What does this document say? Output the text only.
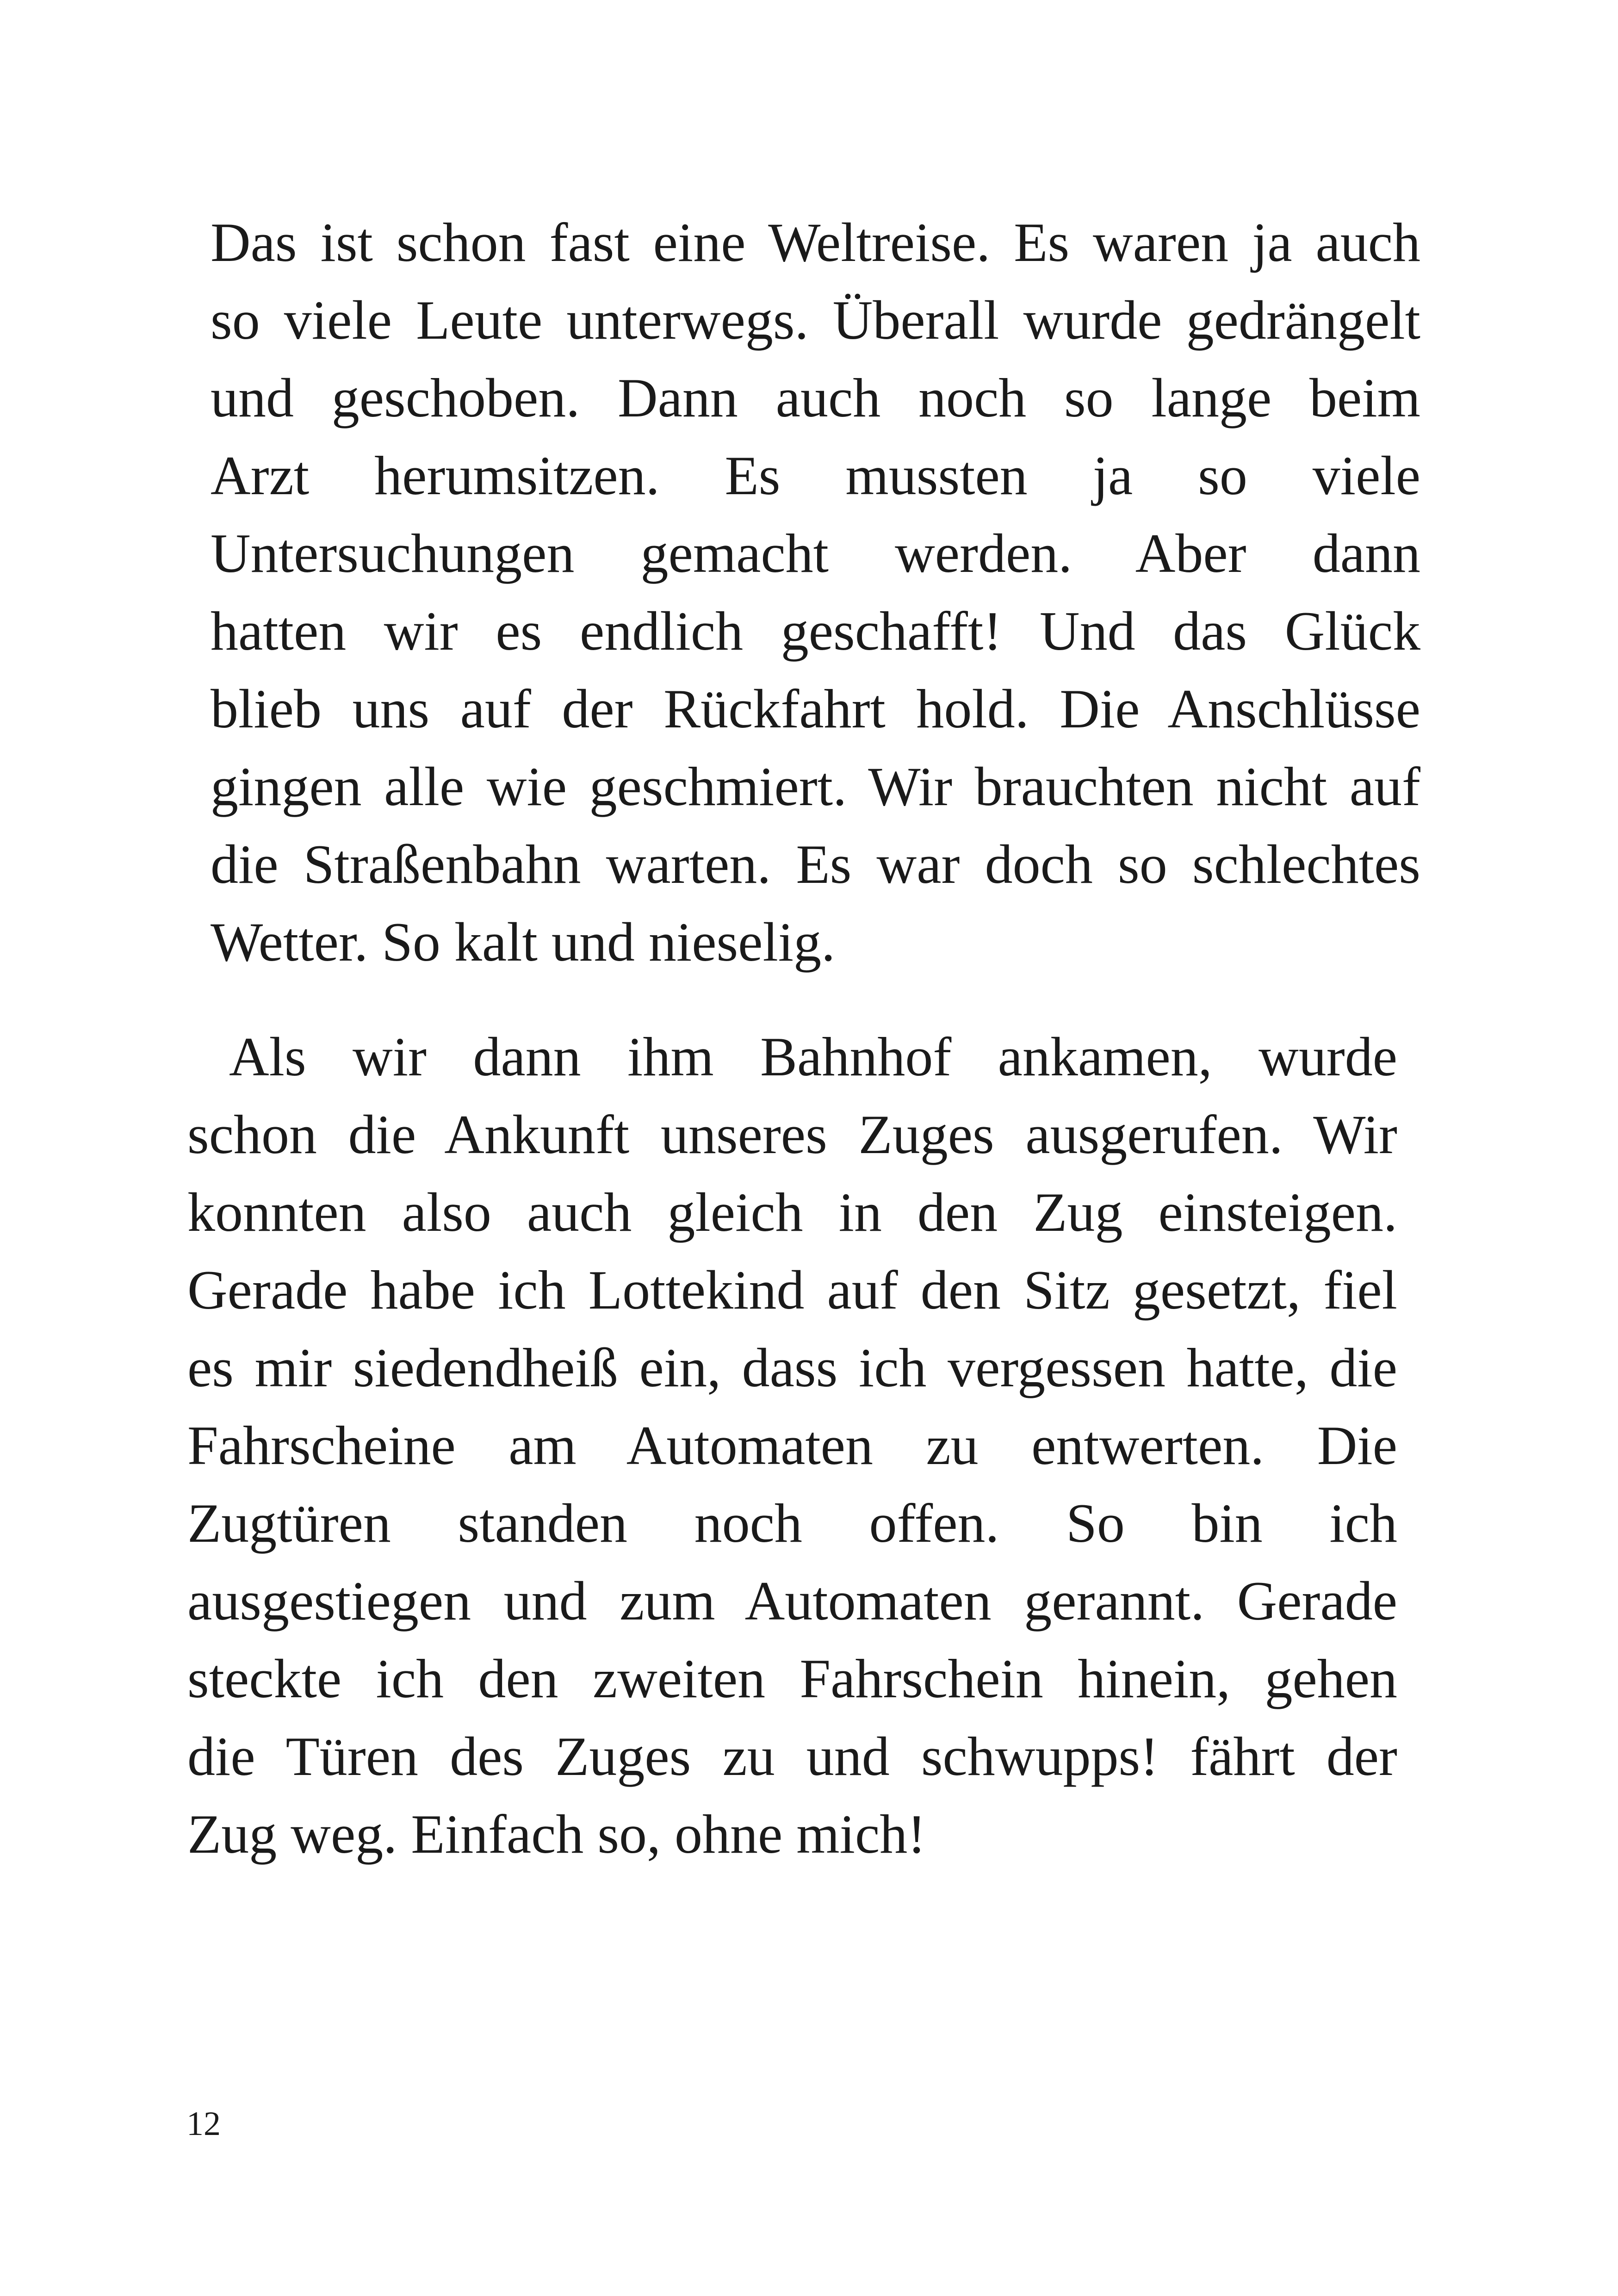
Das ist schon fast eine Weltreise. Es waren ja auch
so viele Leute unterwegs. Überall wurde gedrängelt
und geschoben. Dann auch noch so lange beim
Arzt herumsitzen. Es mussten ja so viele
Untersuchungen gemacht werden. Aber dann
hatten wir es endlich geschafft! Und das Glück
blieb uns auf der Rückfahrt hold. Die Anschlüsse
gingen alle wie geschmiert. Wir brauchten nicht auf
die Straßenbahn warten. Es war doch so schlechtes
Wetter. So kalt und nieselig.
Als wir dann ihm Bahnhof ankamen, wurde
schon die Ankunft unseres Zuges ausgerufen. Wir
konnten also auch gleich in den Zug einsteigen.
Gerade habe ich Lottekind auf den Sitz gesetzt, fiel
es mir siedendheiß ein, dass ich vergessen hatte, die
Fahrscheine am Automaten zu entwerten. Die
Zugtüren standen noch offen. So bin ich
ausgestiegen und zum Automaten gerannt. Gerade
steckte ich den zweiten Fahrschein hinein, gehen
die Türen des Zuges zu und schwupps! fährt der
Zug weg. Einfach so, ohne mich!

12
